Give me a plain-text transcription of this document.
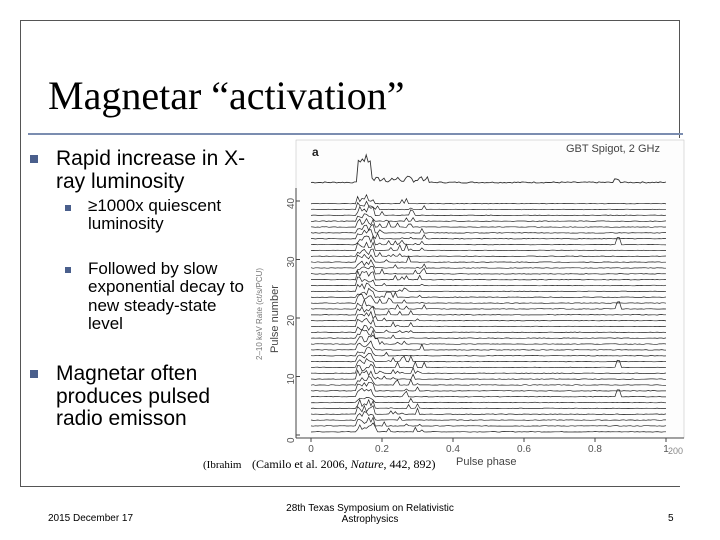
Magnetar “activation”
Rapid increase in X-ray luminosity
≥1000x quiescent luminosity
Followed by slow exponential decay to new steady-state level
Magnetar often produces pulsed radio emisson
0	0.2	0.4	0.6	0.8	1
0
10
20
30
40
a	GBT Spigot, 2 GHz
Pulse phase
Pulse number
2–10 keV Rate (ct/s/PCU)
(Ibrahim (Camilo et al. 2006, Nature, 442, 892)
200
2015 December 17
28th Texas Symposium on Relativistic Astrophysics	5
